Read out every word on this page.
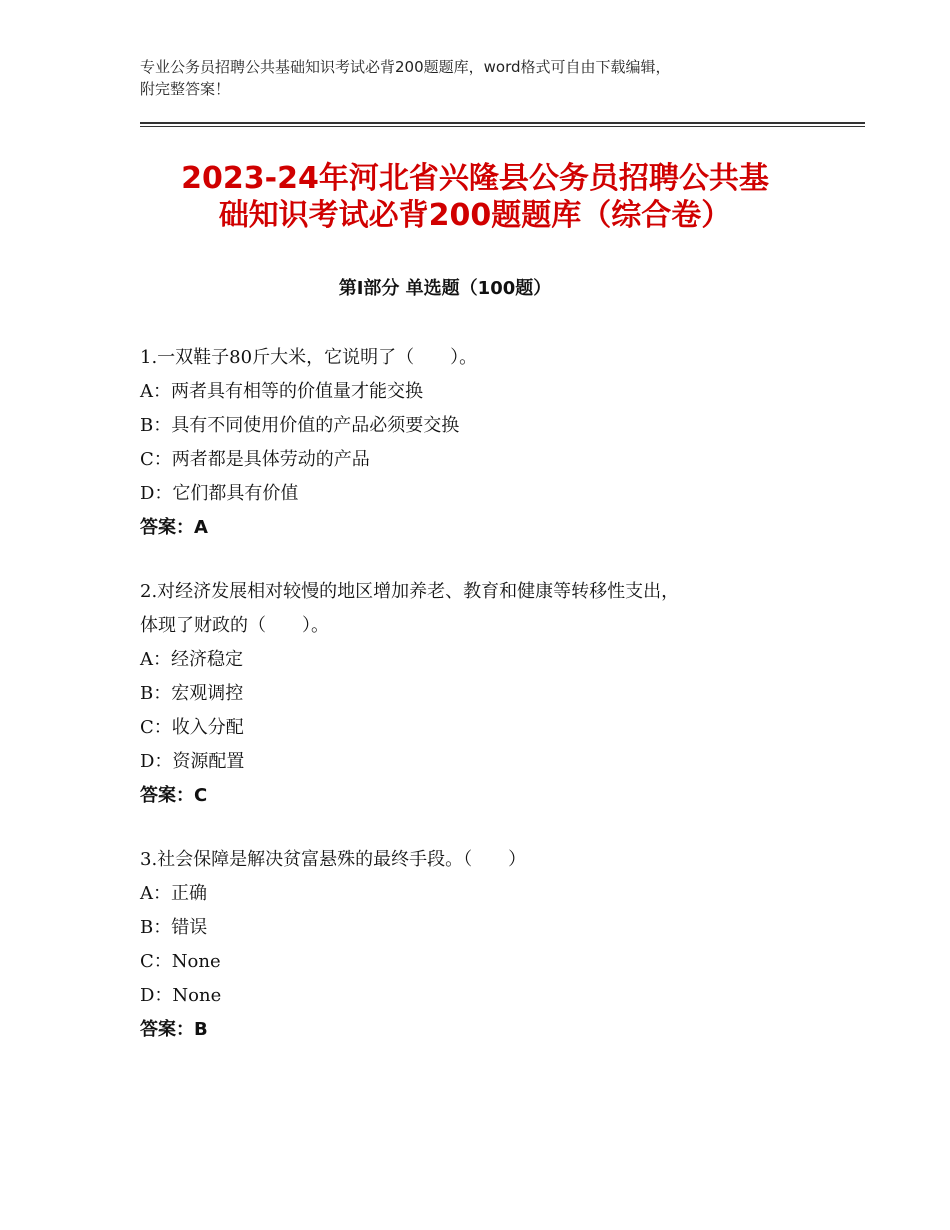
专业公务员招聘公共基础知识考试必背200题题库，word格式可自由下载编辑，
附完整答案！
2023-24年河北省兴隆县公务员招聘公共基
础知识考试必背200题题库（综合卷）
第Ⅰ部分 单选题（100题）
1.一双鞋子80斤大米，它说明了（　　）。
A：两者具有相等的价值量才能交换
B：具有不同使用价值的产品必须要交换
C：两者都是具体劳动的产品
D：它们都具有价值
答案：A
2.对经济发展相对较慢的地区增加养老、教育和健康等转移性支出，
体现了财政的（　　）。
A：经济稳定
B：宏观调控
C：收入分配
D：资源配置
答案：C
3.社会保障是解决贫富悬殊的最终手段。（　　）
A：正确
B：错误
C：None
D：None
答案：B
